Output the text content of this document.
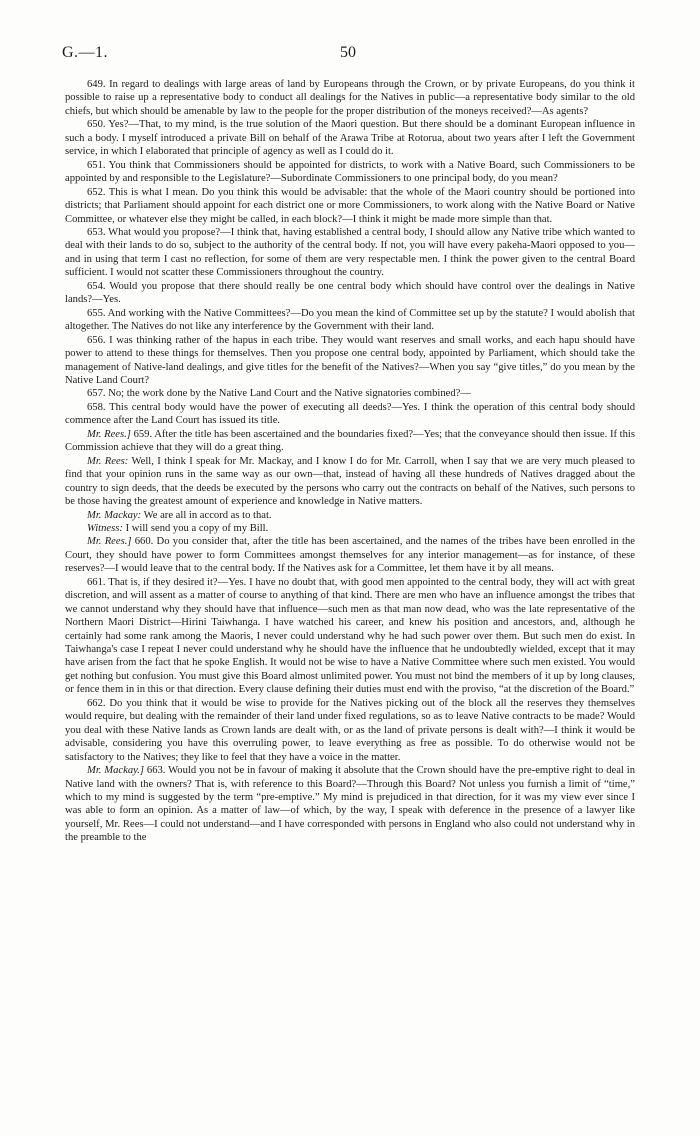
G.—1.	50

649. In regard to dealings with large areas of land by Europeans through the Crown, or by private Europeans, do you think it possible to raise up a representative body to conduct all dealings for the Natives in public—a representative body similar to the old chiefs, but which should be amenable by law to the people for the proper distribution of the moneys received?—As agents?

650. Yes?—That, to my mind, is the true solution of the Maori question. But there should be a dominant European influence in such a body. I myself introduced a private Bill on behalf of the Arawa Tribe at Rotorua, about two years after I left the Government service, in which I elaborated that principle of agency as well as I could do it.

651. You think that Commissioners should be appointed for districts, to work with a Native Board, such Commissioners to be appointed by and responsible to the Legislature?—Subordinate Commissioners to one principal body, do you mean?

652. This is what I mean. Do you think this would be advisable: that the whole of the Maori country should be portioned into districts; that Parliament should appoint for each district one or more Commissioners, to work along with the Native Board or Native Committee, or whatever else they might be called, in each block?—I think it might be made more simple than that.

653. What would you propose?—I think that, having established a central body, I should allow any Native tribe which wanted to deal with their lands to do so, subject to the authority of the central body. If not, you will have every pakeha-Maori opposed to you—and in using that term I cast no reflection, for some of them are very respectable men. I think the power given to the central Board sufficient. I would not scatter these Commissioners throughout the country.

654. Would you propose that there should really be one central body which should have control over the dealings in Native lands?—Yes.

655. And working with the Native Committees?—Do you mean the kind of Committee set up by the statute? I would abolish that altogether. The Natives do not like any interference by the Government with their land.

656. I was thinking rather of the hapus in each tribe. They would want reserves and small works, and each hapu should have power to attend to these things for themselves. Then you propose one central body, appointed by Parliament, which should take the management of Native-land dealings, and give titles for the benefit of the Natives?—When you say “give titles,” do you mean by the Native Land Court?

657. No; the work done by the Native Land Court and the Native signatories combined?—

658. This central body would have the power of executing all deeds?—Yes. I think the operation of this central body should commence after the Land Court has issued its title.

Mr. Rees.] 659. After the title has been ascertained and the boundaries fixed?—Yes; that the conveyance should then issue. If this Commission achieve that they will do a great thing.

Mr. Rees: Well, I think I speak for Mr. Mackay, and I know I do for Mr. Carroll, when I say that we are very much pleased to find that your opinion runs in the same way as our own—that, instead of having all these hundreds of Natives dragged about the country to sign deeds, that the deeds be executed by the persons who carry out the contracts on behalf of the Natives, such persons to be those having the greatest amount of experience and knowledge in Native matters.

Mr. Mackay: We are all in accord as to that.

Witness: I will send you a copy of my Bill.

Mr. Rees.] 660. Do you consider that, after the title has been ascertained, and the names of the tribes have been enrolled in the Court, they should have power to form Committees amongst themselves for any interior management—as for instance, of these reserves?—I would leave that to the central body. If the Natives ask for a Committee, let them have it by all means.

661. That is, if they desired it?—Yes. I have no doubt that, with good men appointed to the central body, they will act with great discretion, and will assent as a matter of course to anything of that kind. There are men who have an influence amongst the tribes that we cannot understand why they should have that influence—such men as that man now dead, who was the late representative of the Northern Maori District—Hirini Taiwhanga. I have watched his career, and knew his position and ancestors, and, although he certainly had some rank among the Maoris, I never could understand why he had such power over them. But such men do exist. In Taiwhanga's case I repeat I never could understand why he should have the influence that he undoubtedly wielded, except that it may have arisen from the fact that he spoke English. It would not be wise to have a Native Committee where such men existed. You would get nothing but confusion. You must give this Board almost unlimited power. You must not bind the members of it up by long clauses, or fence them in in this or that direction. Every clause defining their duties must end with the proviso, “at the discretion of the Board.”

662. Do you think that it would be wise to provide for the Natives picking out of the block all the reserves they themselves would require, but dealing with the remainder of their land under fixed regulations, so as to leave Native contracts to be made? Would you deal with these Native lands as Crown lands are dealt with, or as the land of private persons is dealt with?—I think it would be advisable, considering you have this overruling power, to leave everything as free as possible. To do otherwise would not be satisfactory to the Natives; they like to feel that they have a voice in the matter.

Mr. Mackay.] 663. Would you not be in favour of making it absolute that the Crown should have the pre-emptive right to deal in Native land with the owners? That is, with reference to this Board?—Through this Board? Not unless you furnish a limit of “time,” which to my mind is suggested by the term “pre-emptive.” My mind is prejudiced in that direction, for it was my view ever since I was able to form an opinion. As a matter of law—of which, by the way, I speak with deference in the presence of a lawyer like yourself, Mr. Rees—I could not understand—and I have corresponded with persons in England who also could not understand why in the preamble to the
